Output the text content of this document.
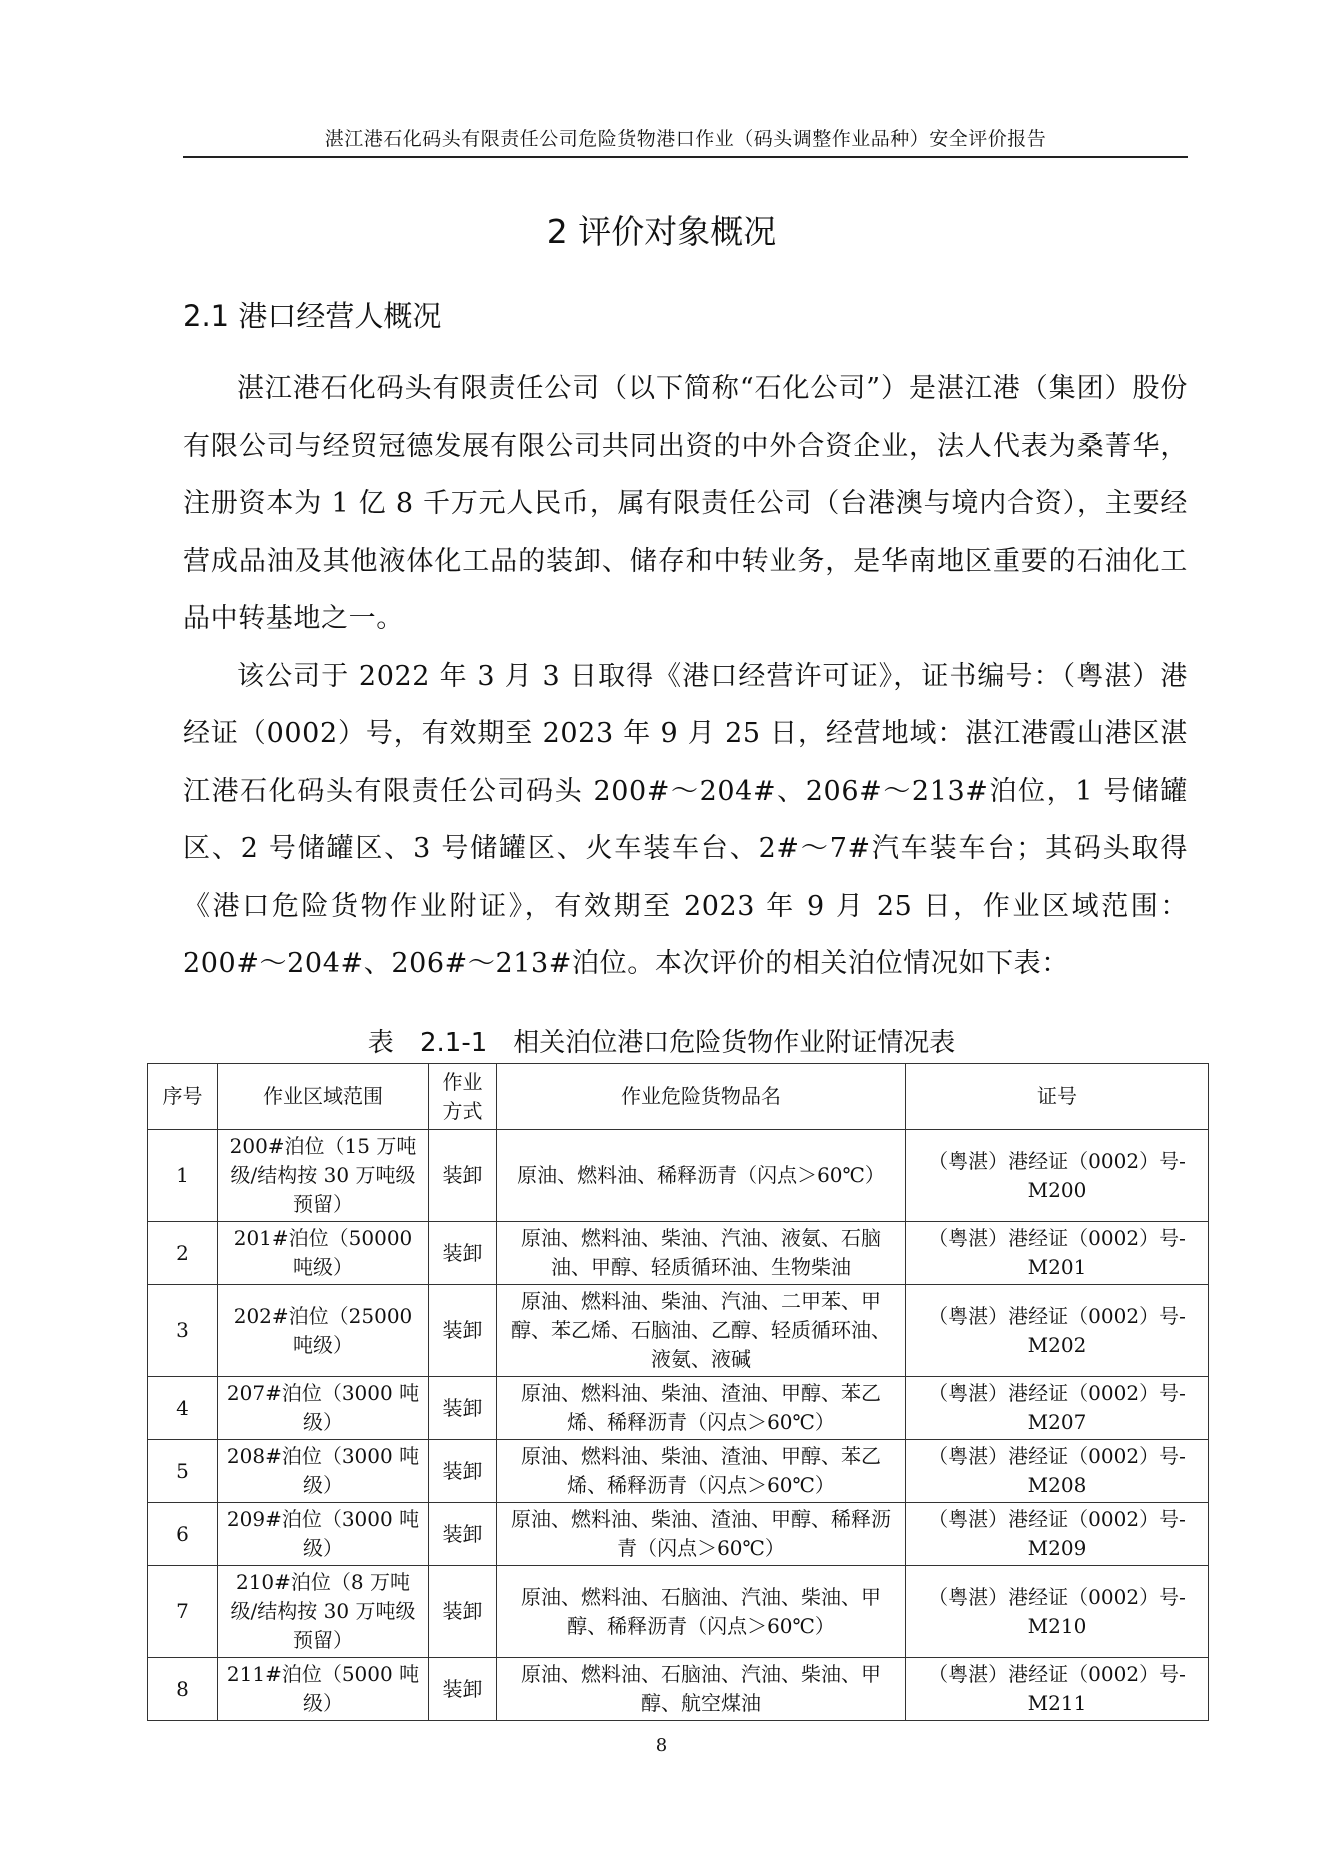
湛江港石化码头有限责任公司危险货物港口作业（码头调整作业品种）安全评价报告
2 评价对象概况
2.1 港口经营人概况

湛江港石化码头有限责任公司（以下简称“石化公司”）是湛江港（集团）股份有限公司与经贸冠德发展有限公司共同出资的中外合资企业，法人代表为桑菁华，注册资本为 1 亿 8 千万元人民币，属有限责任公司（台港澳与境内合资），主要经营成品油及其他液体化工品的装卸、储存和中转业务，是华南地区重要的石油化工品中转基地之一。

该公司于 2022 年 3 月 3 日取得《港口经营许可证》，证书编号：（粤湛）港经证（0002）号，有效期至 2023 年 9 月 25 日，经营地域：湛江港霞山港区湛江港石化码头有限责任公司码头 200#～204#、206#～213#泊位，1 号储罐区、2 号储罐区、3 号储罐区、火车装车台、2#～7#汽车装车台；其码头取得《港口危险货物作业附证》，有效期至 2023 年 9 月 25 日，作业区域范围：200#～204#、206#～213#泊位。本次评价的相关泊位情况如下表：

表 2.1-1　相关泊位港口危险货物作业附证情况表
序号	作业区域范围	作业方式	作业危险货物品名	证号
1	200#泊位（15 万吨级/结构按 30 万吨级预留）	装卸	原油、燃料油、稀释沥青（闪点＞60℃）	（粤湛）港经证（0002）号-M200
2	201#泊位（50000 吨级）	装卸	原油、燃料油、柴油、汽油、液氨、石脑油、甲醇、轻质循环油、生物柴油	（粤湛）港经证（0002）号-M201
3	202#泊位（25000 吨级）	装卸	原油、燃料油、柴油、汽油、二甲苯、甲醇、苯乙烯、石脑油、乙醇、轻质循环油、液氨、液碱	（粤湛）港经证（0002）号-M202
4	207#泊位（3000 吨级）	装卸	原油、燃料油、柴油、渣油、甲醇、苯乙烯、稀释沥青（闪点＞60℃）	（粤湛）港经证（0002）号-M207
5	208#泊位（3000 吨级）	装卸	原油、燃料油、柴油、渣油、甲醇、苯乙烯、稀释沥青（闪点＞60℃）	（粤湛）港经证（0002）号-M208
6	209#泊位（3000 吨级）	装卸	原油、燃料油、柴油、渣油、甲醇、稀释沥青（闪点＞60℃）	（粤湛）港经证（0002）号-M209
7	210#泊位（8 万吨级/结构按 30 万吨级预留）	装卸	原油、燃料油、石脑油、汽油、柴油、甲醇、稀释沥青（闪点＞60℃）	（粤湛）港经证（0002）号-M210
8	211#泊位（5000 吨级）	装卸	原油、燃料油、石脑油、汽油、柴油、甲醇、航空煤油	（粤湛）港经证（0002）号-M211
8
